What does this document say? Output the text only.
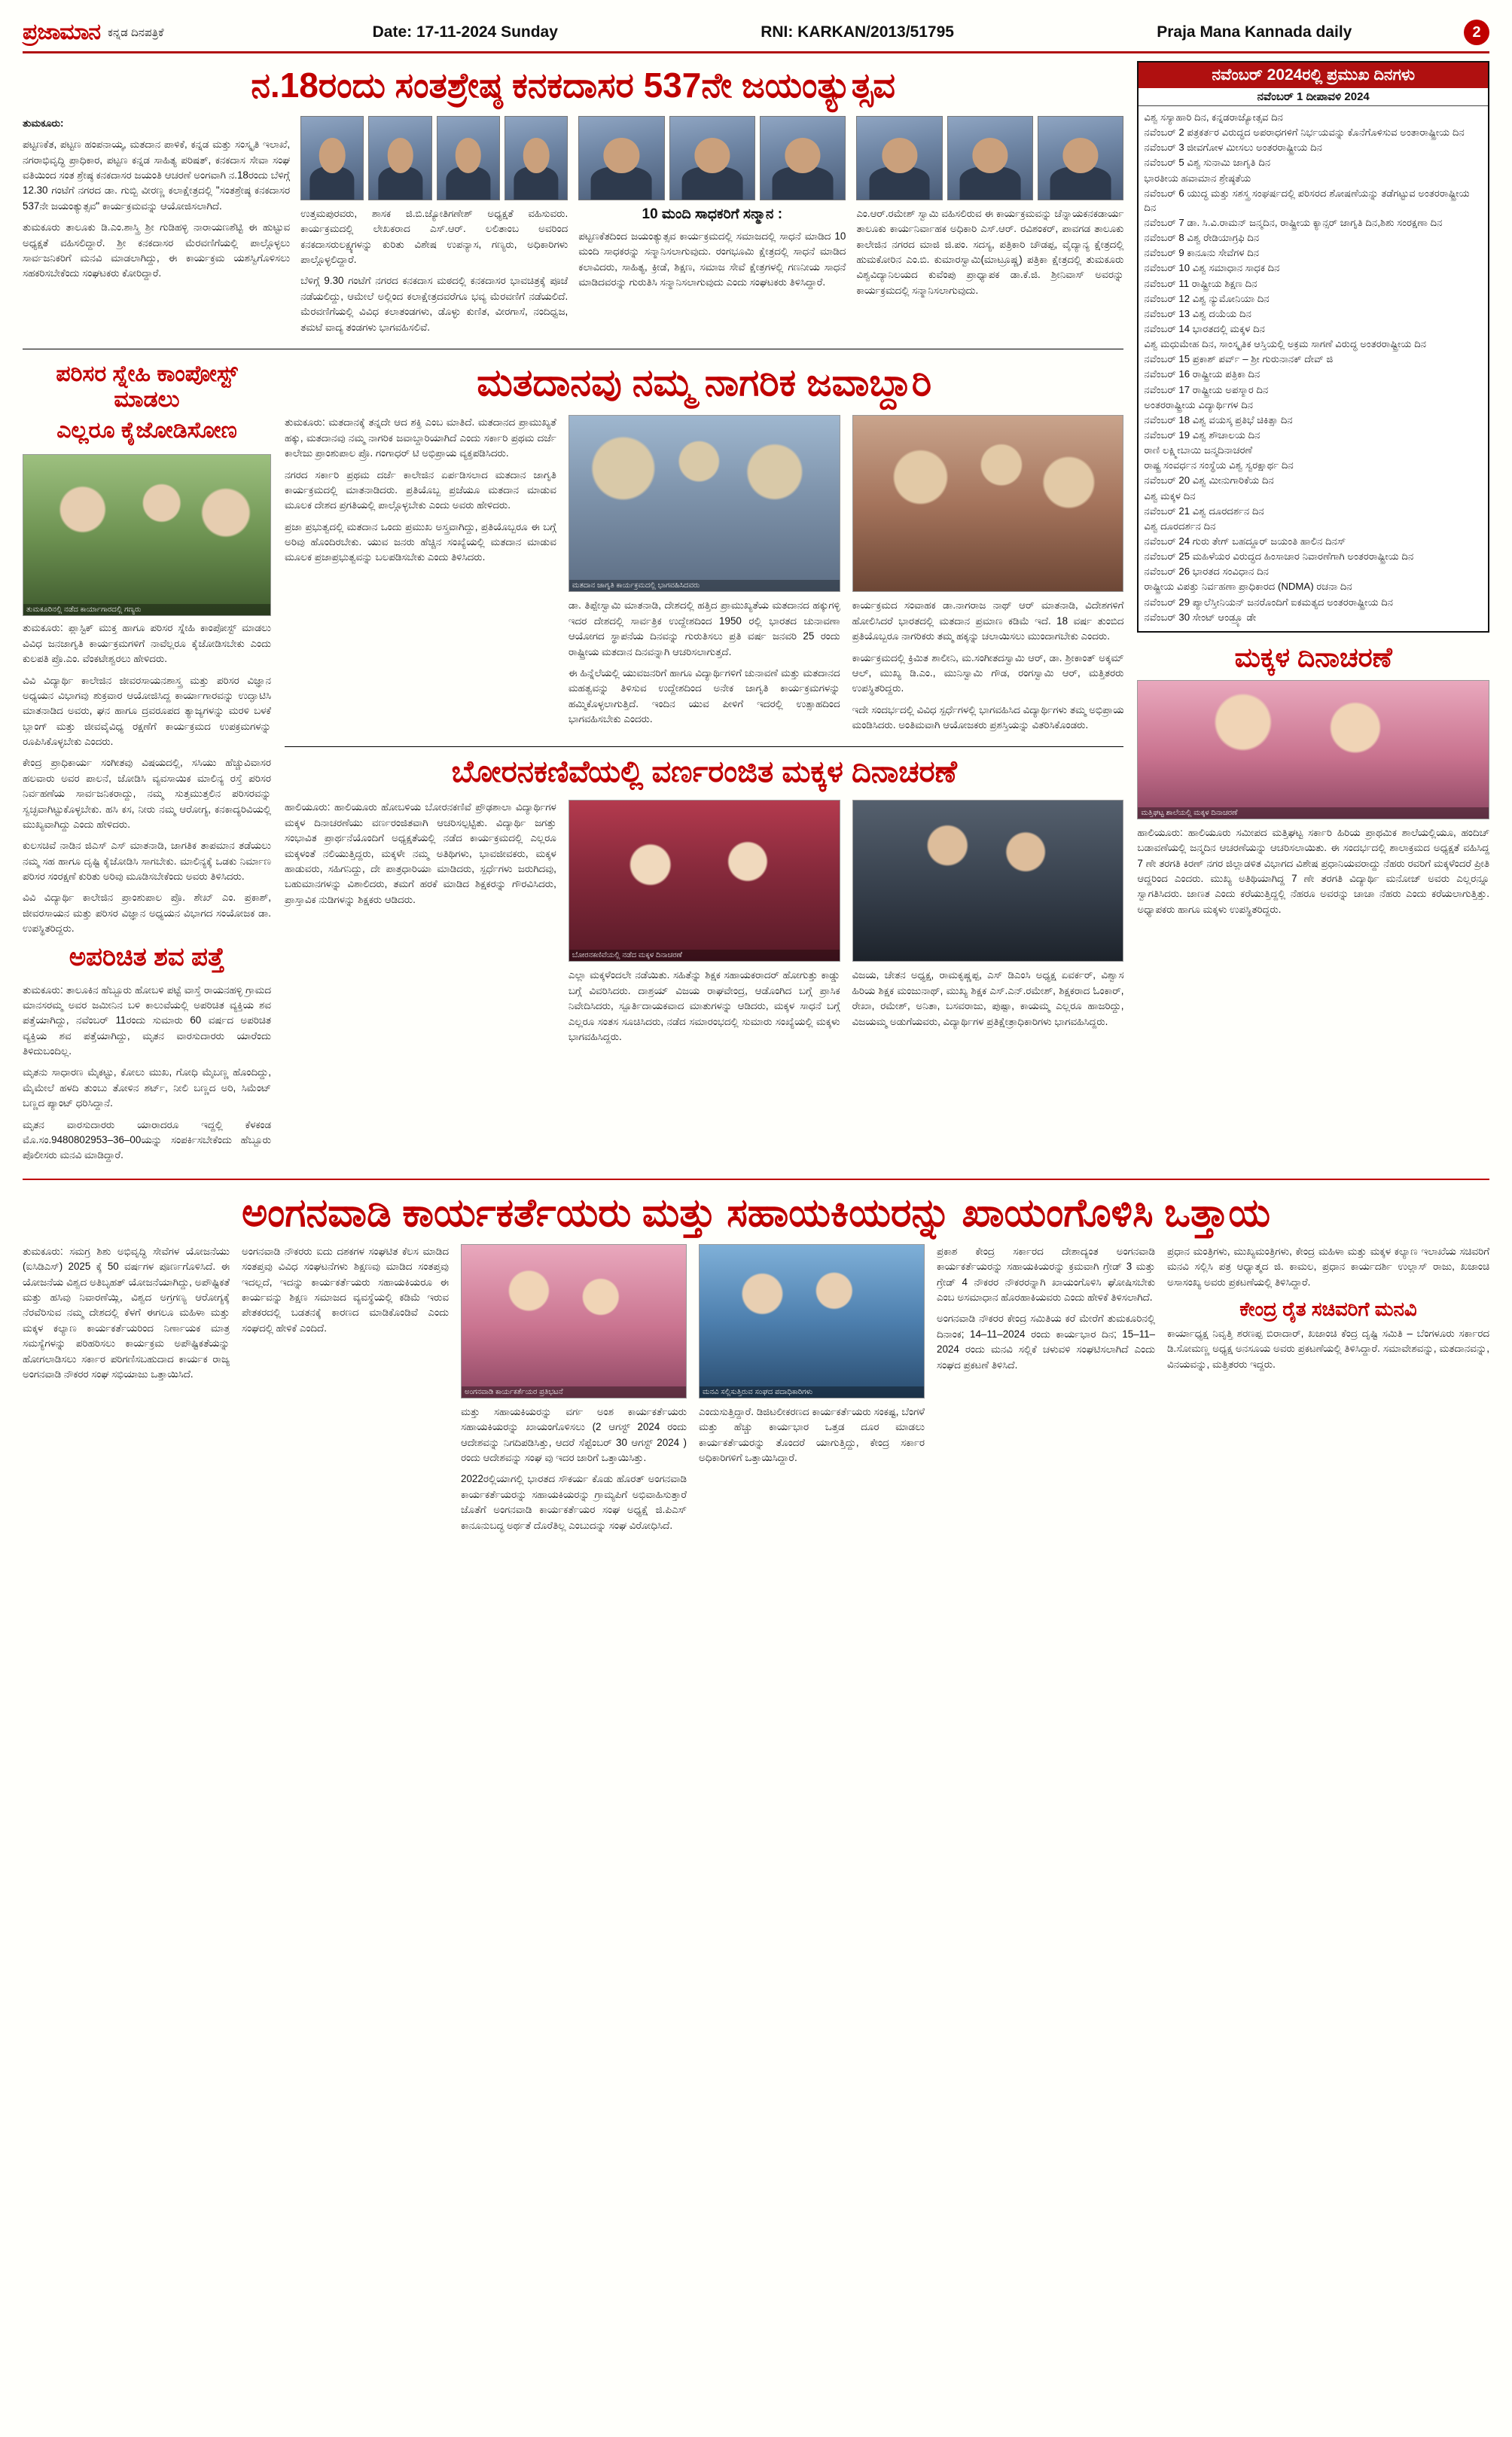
ಪ್ರಜಾಮಾನ ಕನ್ನಡ ದಿನಪತ್ರಿಕೆ	Date: 17-11-2024 Sunday	RNI: KARKAN/2013/51795	Praja Mana Kannada daily	2
ನ.18ರಂದು ಸಂತಶ್ರೇಷ್ಠ ಕನಕದಾಸರ 537ನೇ ಜಯಂತ್ಯುತ್ಸವ

ತುಮಕೂರು:

ಪಟ್ಟಣಕೆತ, ಪಟ್ಟಣ ಹಂಪನಾಯ್ಕ, ಮತದಾನ ಪಾಳಿಕೆ, ಕನ್ನಡ ಮತ್ತು ಸಂಸ್ಕೃತಿ ಇಲಾಖೆ, ನಗರಾಭಿವೃದ್ಧಿ ಪ್ರಾಧಿಕಾರ, ಪಟ್ಟಣ ಕನ್ನಡ ಸಾಹಿತ್ಯ ಪರಿಷತ್, ಕನಕದಾಸ ಸೇವಾ ಸಂಘ ವತಿಯಿಂದ ಸಂತ ಶ್ರೇಷ್ಠ ಕನಕದಾಸರ ಜಯಂತಿ ಆಚರಣೆ ಅಂಗವಾಗಿ ನ.18ರಂದು ಬೆಳಿಗ್ಗೆ 12.30 ಗಂಟೆಗೆ ನಗರದ ಡಾ. ಗುಬ್ಬಿ ವೀರಣ್ಣ ಕಲಾಕ್ಷೇತ್ರದಲ್ಲಿ "ಸಂತಶ್ರೇಷ್ಠ ಕನಕದಾಸರ 537ನೇ ಜಯಂತ್ಯುತ್ಸವ" ಕಾರ್ಯಕ್ರಮವನ್ನು ಆಯೋಜಿಸಲಾಗಿದೆ.

ತುಮಕೂರು ತಾಲೂಕು ಡಿ.ಎಂ.ಶಾಸ್ತ್ರಿ ಶ್ರೀ ಗುಡಿಹಳ್ಳಿ ನಾರಾಯಣಶೆಟ್ಟಿ ಈ ಹುಟ್ಟುವ ಅಧ್ಯಕ್ಷತೆ ವಹಿಸಲಿದ್ದಾರೆ. ಶ್ರೀ ಕನಕದಾಸರ ಮೆರವಣಿಗೆಯಲ್ಲಿ ಪಾಲ್ಗೊಳ್ಳಲು ಸಾರ್ವಜನಿಕರಿಗೆ ಮನವಿ ಮಾಡಲಾಗಿದ್ದು, ಈ ಕಾರ್ಯಕ್ರಮ ಯಶಸ್ವಿಗೊಳಿಸಲು ಸಹಕರಿಸಬೇಕೆಂದು ಸಂಘಟಕರು ಕೋರಿದ್ದಾರೆ.

ಉತ್ತಮಪುರವರು, ಶಾಸಕ ಜಿ.ಬಿ.ಜ್ಯೋತಿಗಣೇಶ್ ಅಧ್ಯಕ್ಷತೆ ವಹಿಸುವರು. ಕಾರ್ಯಕ್ರಮದಲ್ಲಿ ಲೇಖಕರಾದ ಎಸ್.ಆರ್. ಲಲಿತಾಂಬ ಅವರಿಂದ ಕನಕದಾಸರುಲಕ್ಷ್ಯಗಳನ್ನು ಕುರಿತು ವಿಶೇಷ ಉಪನ್ಯಾಸ, ಗಣ್ಯರು, ಅಧಿಕಾರಿಗಳು ಪಾಲ್ಗೊಳ್ಳಲಿದ್ದಾರೆ.

ಬೆಳಿಗ್ಗೆ 9.30 ಗಂಟೆಗೆ ನಗರದ ಕನಕದಾಸ ಮಠದಲ್ಲಿ ಕನಕದಾಸರ ಭಾವಚಿತ್ರಕ್ಕೆ ಪೂಜೆ ನಡೆಯಲಿದ್ದು, ಆಮೇಲೆ ಅಲ್ಲಿಂದ ಕಲಾಕ್ಷೇತ್ರದವರೆಗೂ ಭವ್ಯ ಮೆರವಣಿಗೆ ನಡೆಯಲಿದೆ. ಮೆರವಣಿಗೆಯಲ್ಲಿ ವಿವಿಧ ಕಲಾತಂಡಗಳು, ಡೊಳ್ಳು ಕುಣಿತ, ವೀರಗಾಸೆ, ನಂದಿಧ್ವಜ, ತಮಟೆ ವಾದ್ಯ ತಂಡಗಳು ಭಾಗವಹಿಸಲಿವೆ.

10 ಮಂದಿ ಸಾಧಕರಿಗೆ ಸನ್ಮಾನ :

ಪಟ್ಟಣಕೆತದಿಂದ ಜಯಂತ್ಯುತ್ಸವ ಕಾರ್ಯಕ್ರಮದಲ್ಲಿ ಸಮಾಜದಲ್ಲಿ ಸಾಧನೆ ಮಾಡಿದ 10 ಮಂದಿ ಸಾಧಕರನ್ನು ಸನ್ಮಾನಿಸಲಾಗುವುದು. ರಂಗಭೂಮಿ ಕ್ಷೇತ್ರದಲ್ಲಿ ಸಾಧನೆ ಮಾಡಿದ ಕಲಾವಿದರು, ಸಾಹಿತ್ಯ, ಕ್ರೀಡೆ, ಶಿಕ್ಷಣ, ಸಮಾಜ ಸೇವೆ ಕ್ಷೇತ್ರಗಳಲ್ಲಿ ಗಣನೀಯ ಸಾಧನೆ ಮಾಡಿದವರನ್ನು ಗುರುತಿಸಿ ಸನ್ಮಾನಿಸಲಾಗುವುದು ಎಂದು ಸಂಘಟಕರು ತಿಳಿಸಿದ್ದಾರೆ.

ಎಂ.ಆರ್.ರಮೇಶ್ ಸ್ವಾಮಿ ವಹಿಸಲಿರುವ ಈ ಕಾರ್ಯಕ್ರಮವನ್ನು ಚೆನ್ನಾಯಕನಕಡಾರ್ಯ ತಾಲೂಕು ಕಾರ್ಯನಿರ್ವಾಹಕ ಅಧಿಕಾರಿ ಎಸ್.ಆರ್. ರವಿಶಂಕರ್, ಪಾವಗಡ ತಾಲೂಕು ಕಾಲೇಜಿನ ನಗರದ ಮಾಜಿ ಜಿ.ಪಂ. ಸದಸ್ಯ, ಪತ್ರಿಕಾರಿ ಚೌಡಪ್ಪ, ವೈದ್ಯಾನ್ಯ ಕ್ಷೇತ್ರದಲ್ಲಿ ಹುಮಕೋರಿನ ಎಂ.ಬಿ. ಕುಮಾರಸ್ವಾಮಿ(ಮಾಟ್ರೂಷ್ಣ) ಪತ್ರಿಕಾ ಕ್ಷೇತ್ರದಲ್ಲಿ ತುಮಕೂರು ವಿಶ್ವವಿದ್ಯಾನಿಲಯದ ಕುವೆಂಪು ಪ್ರಾಧ್ಯಾಪಕ ಡಾ.ಕೆ.ಜಿ. ಶ್ರೀನಿವಾಸ್ ಅವರನ್ನು ಕಾರ್ಯಕ್ರಮದಲ್ಲಿ ಸನ್ಮಾನಿಸಲಾಗುವುದು.

ಪರಿಸರ ಸ್ನೇಹಿ ಕಾಂಪೋಸ್ಟ್ ಮಾಡಲು
ಎಲ್ಲರೂ ಕೈಜೋಡಿಸೋಣ
ತುಮಕೂರಿನಲ್ಲಿ ನಡೆದ ಕಾರ್ಯಾಗಾರದಲ್ಲಿ ಗಣ್ಯರು

ತುಮಕೂರು: ಪ್ಲಾಸ್ಟಿಕ್ ಮುಕ್ತ ಹಾಗೂ ಪರಿಸರ ಸ್ನೇಹಿ ಕಾಂಪೋಸ್ಟ್ ಮಾಡಲು ವಿವಿಧ ಜನಜಾಗೃತಿ ಕಾರ್ಯಕ್ರಮಗಳಿಗೆ ನಾವೆಲ್ಲರೂ ಕೈಜೋಡಿಸಬೇಕು ಎಂದು ಕುಲಪತಿ ಪ್ರೊ.ಎಂ. ವೆಂಕಟೇಶ್ವರಲು ಹೇಳಿದರು.

ವಿವಿ ವಿದ್ಯಾರ್ಥಿ ಕಾಲೇಜಿನ ಜೀವರಸಾಯನಶಾಸ್ತ್ರ ಮತ್ತು ಪರಿಸರ ವಿಜ್ಞಾನ ಅಧ್ಯಯನ ವಿಭಾಗವು ಶುಕ್ರವಾರ ಆಯೋಜಿಸಿದ್ದ ಕಾರ್ಯಾಗಾರವನ್ನು ಉದ್ಘಾಟಿಸಿ ಮಾತನಾಡಿದ ಅವರು, ಘನ ಹಾಗೂ ದ್ರವರೂಪದ ತ್ಯಾಜ್ಯಗಳನ್ನು ಮರಳಿ ಬಳಕೆ ಬ್ಲಾಂಗ್ ಮತ್ತು ಜೀವವೈವಿಧ್ಯ ರಕ್ಷಣೆಗೆ ಕಾರ್ಯಕ್ರಮದ ಉಪಕ್ರಮಗಳನ್ನು ರೂಪಿಸಿಕೊಳ್ಳಬೇಕು ಎಂದರು.

ಕೇಂದ್ರ ಪ್ರಾಧಿಕಾರ್ಯ ಸಂಗೀತವು ವಿಷಯದಲ್ಲಿ, ಸಸಿಯು ಹೆಚ್ಚುವಿವಾಸರ ಹಲವಾರು ಅವರ ಪಾಲನೆ, ಜೋಡಿಸಿ ವ್ಯವಸಾಯಿಕ ಮಾಲಿನ್ಯ ರಸ್ತೆ ಪರಿಸರ ನಿರ್ವಹಣೆಯ ಸಾರ್ವಜನಿಕರಾದ್ದು, ನಮ್ಮ ಸುತ್ತಮುತ್ತಲಿನ ಪರಿಸರವನ್ನು ಸ್ವಚ್ಛವಾಗಿಟ್ಟುಕೊಳ್ಳಬೇಕು. ಹಸಿ ಕಸ, ನೀರು ನಮ್ಮ ಆರೋಗ್ಯ, ಕನಕಾದ್ಯರಿವಿಯಲ್ಲಿ ಮುಖ್ಯವಾಗಿದ್ದು ಎಂದು ಹೇಳಿದರು.

ಕುಲಸಚಿವೆ ನಾಡಿನ ಜಿಎಸ್ ಎಸ್ ಮಾತನಾಡಿ, ಜಾಗತಿಕ ತಾಪಮಾನ ತಡೆಯಲು ನಮ್ಮ ಸಹ ಹಾಗೂ ದೃಷ್ಟಿ ಕೈಜೋಡಿಸಿ ಸಾಗಬೇಕು. ಮಾಲಿನ್ಯಕ್ಕೆ ಒಡಕು ನಿರ್ಮಾಣ ಪರಿಸರ ಸಂರಕ್ಷಣೆ ಕುರಿತು ಅರಿವು ಮೂಡಿಸಬೇಕೆಂದು ಅವರು ತಿಳಿಸಿದರು.

ವಿವಿ ವಿದ್ಯಾರ್ಥಿ ಕಾಲೇಜಿನ ಪ್ರಾಂಶುಪಾಲ ಪ್ರೊ. ಶೇಖ್ ಎಂ. ಪ್ರಕಾಶ್, ಜೀವರಸಾಯನ ಮತ್ತು ಪರಿಸರ ವಿಜ್ಞಾನ ಅಧ್ಯಯನ ವಿಭಾಗದ ಸಂಯೋಜಕ ಡಾ. ಉಪಸ್ಥಿತರಿದ್ದರು.

ಅಪರಿಚಿತ ಶವ ಪತ್ತೆ

ತುಮಕೂರು: ತಾಲೂಕಿನ ಹೆಬ್ಬೂರು ಹೋಬಳಿ ಪಟ್ಟೆ ವಾಸ್ತೆ ರಾಯನಹಳ್ಳಿ ಗ್ರಾಮದ ಮಾನಸರಮ್ಮ ಅವರ ಜಮೀನಿನ ಬಳಿ ಕಾಲುವೆಯಲ್ಲಿ ಅಪರಿಚಿತ ವ್ಯಕ್ತಿಯ ಶವ ಪತ್ತೆಯಾಗಿದ್ದು, ನವೆಂಬರ್ 11ರಂದು ಸುಮಾರು 60 ವರ್ಷದ ಅಪರಿಚಿತ ವ್ಯಕ್ತಿಯ ಶವ ಪತ್ತೆಯಾಗಿದ್ದು, ಮೃತನ ವಾರಸುದಾರರು ಯಾರೆಂದು ತಿಳಿದುಬಂದಿಲ್ಲ.

ಮೃತನು ಸಾಧಾರಣ ಮೈಕಟ್ಟು, ಕೋಲು ಮುಖ, ಗೋಧಿ ಮೈಬಣ್ಣ ಹೊಂದಿದ್ದು, ಮೈಮೇಲೆ ಹಳದಿ ತುಂಬು ತೋಳಿನ ಶರ್ಟ್, ನೀಲಿ ಬಣ್ಣದ ಅರಿ, ಸಿಮೆಂಟ್ ಬಣ್ಣದ ಪ್ಯಾಂಟ್ ಧರಿಸಿದ್ದಾನೆ.

ಮೃತನ ವಾರಸುದಾರರು ಯಾರಾದರೂ ಇದ್ದಲ್ಲಿ ಕೆಳಕಂಡ ಮೊ.ಸಂ.9480802953–36–00ಯನ್ನು ಸಂಪರ್ಕಿಸಬೇಕೆಂದು ಹೆಬ್ಬೂರು ಪೊಲೀಸರು ಮನವಿ ಮಾಡಿದ್ದಾರೆ.

ಮತದಾನವು ನಮ್ಮ ನಾಗರಿಕ ಜವಾಬ್ದಾರಿ

ತುಮಕೂರು: ಮತದಾನಕ್ಕೆ ತನ್ನದೇ ಆದ ಶಕ್ತಿ ಎಂಬ ಮಾತಿದೆ. ಮತದಾನದ ಪ್ರಾಮುಖ್ಯತೆ ಹಕ್ಕು, ಮತದಾನವು ನಮ್ಮ ನಾಗರಿಕ ಜವಾಬ್ದಾರಿಯಾಗಿದೆ ಎಂದು ಸರ್ಕಾರಿ ಪ್ರಥಮ ದರ್ಜೆ ಕಾಲೇಜು ಪ್ರಾಂಶುಪಾಲ ಪ್ರೊ. ಗಂಗಾಧರ್ ಟಿ ಅಭಿಪ್ರಾಯ ವ್ಯಕ್ತಪಡಿಸಿದರು.

ನಗರದ ಸರ್ಕಾರಿ ಪ್ರಥಮ ದರ್ಜೆ ಕಾಲೇಜಿನ ಏರ್ಪಡಿಸಲಾದ ಮತದಾನ ಜಾಗೃತಿ ಕಾರ್ಯಕ್ರಮದಲ್ಲಿ ಮಾತನಾಡಿದರು. ಪ್ರತಿಯೊಬ್ಬ ಪ್ರಜೆಯೂ ಮತದಾನ ಮಾಡುವ ಮೂಲಕ ದೇಶದ ಪ್ರಗತಿಯಲ್ಲಿ ಪಾಲ್ಗೊಳ್ಳಬೇಕು ಎಂದು ಅವರು ಹೇಳಿದರು.

ಪ್ರಜಾ ಪ್ರಭುತ್ವದಲ್ಲಿ ಮತದಾನ ಒಂದು ಪ್ರಮುಖ ಅಸ್ತ್ರವಾಗಿದ್ದು, ಪ್ರತಿಯೊಬ್ಬರೂ ಈ ಬಗ್ಗೆ ಅರಿವು ಹೊಂದಿರಬೇಕು. ಯುವ ಜನರು ಹೆಚ್ಚಿನ ಸಂಖ್ಯೆಯಲ್ಲಿ ಮತದಾನ ಮಾಡುವ ಮೂಲಕ ಪ್ರಜಾಪ್ರಭುತ್ವವನ್ನು ಬಲಪಡಿಸಬೇಕು ಎಂದು ತಿಳಿಸಿದರು.

ಮತದಾನ ಜಾಗೃತಿ ಕಾರ್ಯಕ್ರಮದಲ್ಲಿ ಭಾಗವಹಿಸಿದವರು

ಡಾ. ತಿಪ್ಪೇಸ್ವಾಮಿ ಮಾತನಾಡಿ, ದೇಶದಲ್ಲಿ ಹತ್ತಿದ ಪ್ರಾಮುಖ್ಯತೆಯ ಮತದಾನದ ಹಕ್ಕುಗಳ್ಳಿ ಇದರ ದೇಶದಲ್ಲಿ ಸಾರ್ವತ್ರಿಕ ಉದ್ದೇಶದಿಂದ 1950 ರಲ್ಲಿ ಭಾರತದ ಚುನಾವಣಾ ಆಯೋಗದ ಸ್ಥಾಪನೆಯ ದಿನವನ್ನು ಗುರುತಿಸಲು ಪ್ರತಿ ವರ್ಷ ಜನವರಿ 25 ರಂದು ರಾಷ್ಟ್ರೀಯ ಮತದಾನ ದಿನವನ್ನಾಗಿ ಆಚರಿಸಲಾಗುತ್ತದೆ.

ಈ ಹಿನ್ನೆಲೆಯಲ್ಲಿ ಯುವಜನರಿಗೆ ಹಾಗೂ ವಿದ್ಯಾರ್ಥಿಗಳಿಗೆ ಚುನಾವಣೆ ಮತ್ತು ಮತದಾನದ ಮಹತ್ವವನ್ನು ತಿಳಿಸುವ ಉದ್ದೇಶದಿಂದ ಅನೇಕ ಜಾಗೃತಿ ಕಾರ್ಯಕ್ರಮಗಳನ್ನು ಹಮ್ಮಿಕೊಳ್ಳಲಾಗುತ್ತಿದೆ. ಇಂದಿನ ಯುವ ಪೀಳಿಗೆ ಇದರಲ್ಲಿ ಉತ್ಸಾಹದಿಂದ ಭಾಗವಹಿಸಬೇಕು ಎಂದರು.

ಕಾರ್ಯಕ್ರಮದ ಸಂವಾಹಕ ಡಾ.ನಾಗರಾಜ ನಾಥ್ ಆರ್ ಮಾತನಾಡಿ, ವಿದೇಶಗಳಿಗೆ ಹೋಲಿಸಿದರೆ ಭಾರತದಲ್ಲಿ ಮತದಾನ ಪ್ರಮಾಣ ಕಡಿಮೆ ಇದೆ. 18 ವರ್ಷ ತುಂಬಿದ ಪ್ರತಿಯೊಬ್ಬರೂ ನಾಗರಿಕರು ತಮ್ಮ ಹಕ್ಕನ್ನು ಚಲಾಯಿಸಲು ಮುಂದಾಗಬೇಕು ಎಂದರು.

ಕಾರ್ಯಕ್ರಮದಲ್ಲಿ ಕ್ರಿಮಿತ ಶಾಲೀನಿ, ಮ.ಸಂಗೀತದಸ್ವಾಮಿ ಆರ್, ಡಾ. ಶ್ರೀಕಾಂತ್ ಅಕ್ಕಮ್ ಆಲ್, ಮುಖ್ಯ ಡಿ.ಎಂ., ಮುನಿಸ್ವಾಮಿ ಗೌಡ, ರಂಗಸ್ವಾಮಿ ಆರ್, ಮತ್ತಿತರರು ಉಪಸ್ಥಿತರಿದ್ದರು.

ಇದೇ ಸಂದರ್ಭದಲ್ಲಿ ವಿವಿಧ ಸ್ಪರ್ಧೆಗಳಲ್ಲಿ ಭಾಗವಹಿಸಿದ ವಿದ್ಯಾರ್ಥಿಗಳು ತಮ್ಮ ಅಭಿಪ್ರಾಯ ಮಂಡಿಸಿದರು. ಅಂತಿಮವಾಗಿ ಆಯೋಜಕರು ಪ್ರಶಸ್ತಿಯನ್ನು ವಿತರಿಸಿಕೊಂಡರು.

ಬೋರನಕಣಿವೆಯಲ್ಲಿ ವರ್ಣರಂಜಿತ ಮಕ್ಕಳ ದಿನಾಚರಣೆ

ಹಾಲಿಯೂರು: ಹಾಲಿಯೂರು ಹೋಬಳಿಯ ಬೋರನಕಣಿವೆ ಪ್ರೌಢಶಾಲಾ ವಿದ್ಯಾರ್ಥಿಗಳ ಮಕ್ಕಳ ದಿನಾಚರಣೆಯು ವರ್ಣರಂಜಿತವಾಗಿ ಆಚರಿಸಲ್ಪಟ್ಟಿತು. ವಿದ್ಯಾರ್ಥಿ ಜಗತ್ತು ಸಂಭಾವಿತ ಪ್ರಾರ್ಥನೆಯೊಂದಿಗೆ ಅಧ್ಯಕ್ಷತೆಯಲ್ಲಿ ನಡೆದ ಕಾರ್ಯಕ್ರಮದಲ್ಲಿ ಎಲ್ಲರೂ ಮಕ್ಕಳಂತೆ ನಲಿಯುತ್ತಿದ್ದರು, ಮಕ್ಕಳೇ ನಮ್ಮ ಅತಿಥಿಗಳು, ಭಾವಜೀವಕರು, ಮಕ್ಕಳ ಹಾಡುವರು, ಸಹಿಗನಿದ್ದು, ದೇ ಪಾತ್ರಧಾರಿಯಾ ಮಾಡಿದರು, ಸ್ಪರ್ಧೆಗಳು ಜರುಗಿದವು, ಬಹುಮಾನಗಳನ್ನು ವಿಶಾಲಿದರು, ತಮಗೆ ಹರಕೆ ಮಾಡಿದ ಶಿಕ್ಷಕರನ್ನು ಗೌರವಿಸಿದರು, ಪ್ರಾಸ್ತಾವಿಕ ನುಡಿಗಳನ್ನು ಶಿಕ್ಷಕರು ಆಡಿದರು.

ಬೋರನಕಣಿವೆಯಲ್ಲಿ ನಡೆದ ಮಕ್ಕಳ ದಿನಾಚರಣೆ

ಎಲ್ಲಾ ಮಕ್ಕಳೆಂದಲೇ ನಡೆಯಿತು. ಸಹಿತೆನ್ನು ಶಿಕ್ಷಕ ಸಹಾಯಕರಾದರ್ ಹೋಗುತ್ತು ಕಾಡ್ಡು ಬಗ್ಗೆ ವಿವರಿಸಿದರು. ದಾಶ್ರಯ್ ವಿಜಯ ರಾಘವೇಂದ್ರ, ಆಡೊಂಗಿದ ಬಗ್ಗೆ ಪ್ರಾಸಿಕ ನಿವೇದಿಸಿದರು, ಸ್ಪೂರ್ತಿದಾಯಕವಾದ ಮಾತುಗಳನ್ನು ಆಡಿದರು, ಮಕ್ಕಳ ಸಾಧನೆ ಬಗ್ಗೆ ಎಲ್ಲರೂ ಸಂತಸ ಸೂಚಿಸಿದರು, ನಡೆದ ಸಮಾರಂಭದಲ್ಲಿ ಸುಮಾರು ಸಂಖ್ಯೆಯಲ್ಲಿ ಮಕ್ಕಳು ಭಾಗವಹಿಸಿದ್ದರು.

ವಿಜಯ, ಚೇತನ ಅಧ್ಯಕ್ಷ, ರಾಮಕೃಷ್ಣಪ್ಪ, ಎಸ್ ಡಿಎಂಸಿ ಅಧ್ಯಕ್ಷ ಏವರ್ಕರ್, ವಿಶ್ವಾಸ ಹಿರಿಯ ಶಿಕ್ಷಕ ಮಂಜುನಾಥ್, ಮುಖ್ಯ ಶಿಕ್ಷಕ ಎಸ್.ಎನ್.ರಮೇಶ್, ಶಿಕ್ಷಕರಾದ ಓಂಕಾರ್, ರೇಖಾ, ರಮೇಶ್, ಅನಿತಾ, ಬಸವರಾಜು, ಪುಷ್ಪಾ, ಕಾಯಮ್ಮ ಎಲ್ಲರೂ ಹಾಜರಿದ್ದು, ವಿಜಯಮ್ಮ ಅಡುಗೆಯವರು, ವಿದ್ಯಾರ್ಥಿಗಳ ಪ್ರತಿಕ್ಷೇತ್ರಾಧಿಕಾರಿಗಳು ಭಾಗವಹಿಸಿದ್ದರು.

ನವೆಂಬರ್ 2024ರಲ್ಲಿ ಪ್ರಮುಖ ದಿನಗಳು
ನವೆಂಬರ್ 1 ದೀಪಾವಳಿ 2024
ವಿಶ್ವ ಸಸ್ಯಾಹಾರಿ ದಿನ, ಕನ್ನಡರಾಜ್ಯೋತ್ಸವ ದಿನ
ನವೆಂಬರ್ 2 ಪತ್ರಕರ್ತರ ವಿರುದ್ಧದ ಅಪರಾಧಗಳಿಗೆ ನಿರ್ಭಯವನ್ನು ಕೊನೆಗೊಳಿಸುವ ಅಂತಾರಾಷ್ಟ್ರೀಯ ದಿನ
ನವೆಂಬರ್ 3 ಜೀವಗೋಳ ಮೀಸಲು ಅಂತರರಾಷ್ಟ್ರೀಯ ದಿನ
ನವೆಂಬರ್ 5 ವಿಶ್ವ ಸುನಾಮಿ ಜಾಗೃತಿ ದಿನ
ಭಾರತೀಯ ಹವಾಮಾನ ಶ್ರೇಷ್ಠತೆಯ
ನವೆಂಬರ್ 6 ಯುದ್ಧ ಮತ್ತು ಸಶಸ್ತ್ರ ಸಂಘರ್ಷದಲ್ಲಿ ಪರಿಸರದ ಶೋಷಣೆಯನ್ನು ತಡೆಗಟ್ಟುವ ಅಂತರರಾಷ್ಟ್ರೀಯ ದಿನ
ನವೆಂಬರ್ 7 ಡಾ. ಸಿ.ವಿ.ರಾಮನ್ ಜನ್ಮದಿನ, ರಾಷ್ಟ್ರೀಯ ಕ್ಯಾನ್ಸರ್ ಜಾಗೃತಿ ದಿನ,ಶಿಶು ಸಂರಕ್ಷಣಾ ದಿನ
ನವೆಂಬರ್ 8 ವಿಶ್ವ ರೇಡಿಯಾಗ್ರಫಿ ದಿನ
ನವೆಂಬರ್ 9 ಕಾನೂನು ಸೇವೆಗಳ ದಿನ
ನವೆಂಬರ್ 10 ವಿಶ್ವ ಸಮಾಧಾನ ಸಾಧಕ ದಿನ
ನವೆಂಬರ್ 11 ರಾಷ್ಟ್ರೀಯ ಶಿಕ್ಷಣ ದಿನ
ನವೆಂಬರ್ 12 ವಿಶ್ವ ನ್ಯುಮೋನಿಯಾ ದಿನ
ನವೆಂಬರ್ 13 ವಿಶ್ವ ದಯೆಯ ದಿನ
ನವೆಂಬರ್ 14 ಭಾರತದಲ್ಲಿ ಮಕ್ಕಳ ದಿನ
ವಿಶ್ವ ಮಧುಮೇಹ ದಿನ, ಸಾಂಸ್ಕೃತಿಕ ಆಸ್ತಿಯಲ್ಲಿ ಅಕ್ರಮ ಸಾಗಣೆ ವಿರುದ್ಧ ಅಂತರರಾಷ್ಟ್ರೀಯ ದಿನ
ನವೆಂಬರ್ 15 ಪ್ರಕಾಶ್ ಪರ್ವ್ – ಶ್ರೀ ಗುರುನಾನಕ್ ದೇವ್ ಜಿ
ನವೆಂಬರ್ 16 ರಾಷ್ಟ್ರೀಯ ಪತ್ರಿಕಾ ದಿನ
ನವೆಂಬರ್ 17 ರಾಷ್ಟ್ರೀಯ ಅಪಸ್ಮಾರ ದಿನ
ಅಂತರರಾಷ್ಟ್ರೀಯ ವಿದ್ಯಾರ್ಥಿಗಳ ದಿನ
ನವೆಂಬರ್ 18 ವಿಶ್ವ ವಯಸ್ಕ ಪ್ರತಿಭೆ ಚಿಕಿತ್ಸಾ ದಿನ
ನವೆಂಬರ್ 19 ವಿಶ್ವ ಶೌಚಾಲಯ ದಿನ
ರಾಣಿ ಲಕ್ಷ್ಮೀಬಾಯಿ ಜನ್ಮದಿನಾಚರಣೆ
ರಾಷ್ಟ್ರ ಸಂವರ್ಧನ ಸಂಸ್ಥೆಯ ವಿಶ್ವ ಸ್ವರಕ್ಷಾರ್ಥ ದಿನ
ನವೆಂಬರ್ 20 ವಿಶ್ವ ಮೀನುಗಾರಿಕೆಯ ದಿನ
ವಿಶ್ವ ಮಕ್ಕಳ ದಿನ
ನವೆಂಬರ್ 21 ವಿಶ್ವ ದೂರದರ್ಶನ ದಿನ
ವಿಶ್ವ ದೂರದರ್ಶನ ದಿನ
ನವೆಂಬರ್ 24 ಗುರು ತೇಗ್ ಬಹದ್ದೂರ್ ಜಯಂತಿ ಹಾಲಿನ ದಿನಸ್
ನವೆಂಬರ್ 25 ಮಹಿಳೆಯರ ವಿರುದ್ಧದ ಹಿಂಸಾಚಾರ ನಿವಾರಣೆಗಾಗಿ ಅಂತರರಾಷ್ಟ್ರೀಯ ದಿನ
ನವೆಂಬರ್ 26 ಭಾರತದ ಸಂವಿಧಾನ ದಿನ
ರಾಷ್ಟ್ರೀಯ ವಿಪತ್ತು ನಿರ್ವಹಣಾ ಪ್ರಾಧಿಕಾರದ (NDMA) ರಚನಾ ದಿನ
ನವೆಂಬರ್ 29 ಪ್ಯಾಲೆಸ್ತೀನಿಯನ್ ಜನರೊಂದಿಗೆ ಐಕಮತ್ಯದ ಅಂತರರಾಷ್ಟ್ರೀಯ ದಿನ
ನವೆಂಬರ್ 30 ಸೇಂಟ್ ಆಂಡ್ರ್ಯೂ ಡೇ
ಮಕ್ಕಳ ದಿನಾಚರಣೆ
ಮತ್ತಿಘಟ್ಟ ಶಾಲೆಯಲ್ಲಿ ಮಕ್ಕಳ ದಿನಾಚರಣೆ

ಹಾಲಿಯೂರು: ಹಾಲಿಯೂರು ಸಮೀಪದ ಮತ್ತಿಘಟ್ಟ ಸರ್ಕಾರಿ ಹಿರಿಯ ಪ್ರಾಥಮಿಕ ಶಾಲೆಯಲ್ಲಿಯೂ, ಹಂದಿಚ್ ಬಡಾವಣೆಯಲ್ಲಿ ಜನ್ಮದಿನ ಆಚರಣೆಯನ್ನು ಆಚರಿಸಲಾಯಿತು. ಈ ಸಂದರ್ಭದಲ್ಲಿ ಶಾಲಾಕ್ರಮದ ಅಧ್ಯಕ್ಷತೆ ವಹಿಸಿದ್ದ 7 ಣೇ ತರಗತಿ ಕಿರಣ್ ನಗರ ಜಿಲ್ಲಾಡಳಿತ ವಿಭಾಗದ ವಿಶೇಷ ಪ್ರಧಾನಿಯವರಾದ್ದು ನೆಹರು ರವರಿಗೆ ಮಕ್ಕಳೆಂದರೆ ಪ್ರೀತಿ ಆದ್ದರಿಂದ ಎಂದರು. ಮುಖ್ಯ ಅತಿಥಿಯಾಗಿದ್ದ 7 ಣೇ ತರಗತಿ ವಿದ್ಯಾರ್ಥಿ ಮನೋಜ್ ಅವರು ಎಲ್ಲರನ್ನೂ ಸ್ವಾಗತಿಸಿದರು. ಜಾಣತ ಎಂದು ಕರೆಯುತ್ತಿದ್ದಲ್ಲಿ ನೆಹರೂ ಅವರನ್ನು ಚಾಚಾ ನೆಹರು ಎಂದು ಕರೆಯಲಾಗುತ್ತಿತ್ತು. ಅಧ್ಯಾಪಕರು ಹಾಗೂ ಮಕ್ಕಳು ಉಪಸ್ಥಿತರಿದ್ದರು.

ಅಂಗನವಾಡಿ ಕಾರ್ಯಕರ್ತೆಯರು ಮತ್ತು ಸಹಾಯಕಿಯರನ್ನು ಖಾಯಂಗೊಳಿಸಿ ಒತ್ತಾಯ

ತುಮಕೂರು: ಸಮಗ್ರ ಶಿಶು ಅಭಿವೃದ್ಧಿ ಸೇವೆಗಳ ಯೋಜನೆಯು (ಐಸಿಡಿಎಸ್) 2025 ಕ್ಕೆ 50 ವರ್ಷಗಳ ಪೂರ್ಣಗೊಳಿಸಿದೆ. ಈ ಯೋಜನೆಯ ವಿಶ್ವದ ಅತಿಬೃಹತ್ ಯೋಜನೆಯಾಗಿದ್ದು, ಅಪೌಷ್ಟಿಕತೆ ಮತ್ತು ಹಸಿವು ನಿವಾರಣೆಯ್ಲಿ, ವಿಶ್ವದ ಅಗ್ರಗಣ್ಯ ಆರೋಗ್ಯಕ್ಕೆ ನೆರವೆರಿಸುವ ನಮ್ಮ ದೇಶದಲ್ಲಿ ಕೆಳಗೆ ಈಗಲೂ ಮಹಿಳಾ ಮತ್ತು ಮಕ್ಕಳ ಕಲ್ಯಾಣ ಕಾರ್ಯಕರ್ತೆಯರಿಂದ ನಿರ್ಣಾಯಕ ಮಾತ್ರ ಸಮಸ್ಯೆಗಳನ್ನು ಪರಿಹರಿಸಲು ಕಾರ್ಯಕ್ರಮ ಅಪೌಷ್ಟಿಕತೆಯನ್ನು ಹೋಗಲಾಡಿಸಲು ಸರ್ಕಾರ ಪರಿಗಣಿಸಬಹುದಾದ ಕಾರ್ಯಕ ರಾಜ್ಯ ಅಂಗನವಾಡಿ ನೌಕರರ ಸಂಘ ಸಭಿಯಾಜು ಒತ್ತಾಯಿಸಿದೆ.

ಅಂಗನವಾಡಿ ನೌಕರರು ಐದು ದಶಕಗಳ ಸಂಘಟಿತ ಕೆಲಸ ಮಾಡಿದ ಸಂತಪ್ತವು ವಿವಿಧ ಸಂಘಟನೆಗಳು ಶಿಕ್ಷಣವು ಮಾಡಿದ ಸಂತಪ್ತವು ಇದಲ್ಲದೆ, ಇದನ್ನು ಕಾರ್ಯಕರ್ತೆಯರು ಸಹಾಯಕಿಯರೂ ಈ ಕಾರ್ಯವನ್ನು ಶಿಕ್ಷಣ ಸಮಾಜದ ವ್ಯವಸ್ಥೆಯಲ್ಲಿ ಕಡಿಮೆ ಇರುವ ಪೇತಕರದಲ್ಲಿ ಬಡತನಕ್ಕೆ ಕಾರಣದ ಮಾಡಿಕೊಂಡಿವೆ ಎಂದು ಸಂಘದಲ್ಲಿ ಹೇಳಿಕೆ ಎಂದಿದೆ.

ಅಂಗನವಾಡಿ ಕಾರ್ಯಕರ್ತೆಯರ ಪ್ರತಿಭಟನೆ

ಮತ್ತು ಸಹಾಯಕಿಯರನ್ನು ವರ್ಗ ಅಂಶ ಕಾರ್ಯಕರ್ತೆಯರು ಸಹಾಯಕಿಯರನ್ನು ಖಾಯಂಗೊಳಿಸಲು (2 ಆಗಸ್ಟ್ 2024 ರಂದು ಆದೇಶವನ್ನು ನಿಗದಿಪಡಿಸಿತ್ತು, ಆದರೆ ಸೆಪ್ಟೆಂಬರ್ 30 ಆಗಸ್ಟ್ 2024 ) ರಂದು ಆದೇಶವನ್ನು ಸಂಘ ವು ಇದರ ಜಾರಿಗೆ ಒತ್ತಾಯಿಸಿತ್ತು.

2022ರಲ್ಲಿಯಾಗಲ್ಲಿ ಭಾರತದ ಸೌಕರ್ಯ ಕೊಡು ಹೊರತ್ ಅಂಗನವಾಡಿ ಕಾರ್ಯಕರ್ತೆಯರನ್ನು ಸಹಾಯಕಿಯರನ್ನು ಗ್ರಾಮ್ಯಪಿಗೆ ಅಭಿವಾಹಿಸುತ್ತಾರೆ ಜೊತೆಗೆ ಅಂಗನವಾಡಿ ಕಾರ್ಯಕರ್ತೆಯರ ಸಂಘ ಅಧ್ಯಕ್ಷೆ ಜಿ.ಪಿಎಸ್ ಕಾನೂನುಬದ್ಧ ಅರ್ಥತೆ ದೊರೆತಿಲ್ಲ ಎಂಬುದನ್ನು ಸಂಘ ವಿರೋಧಿಸಿದೆ.

ಮನವಿ ಸಲ್ಲಿಸುತ್ತಿರುವ ಸಂಘದ ಪದಾಧಿಕಾರಿಗಳು

ಎಂದುಸುತ್ತಿದ್ದಾರೆ. ಡಿಜಿಟಲೀಕರಣದ ಕಾರ್ಯಕರ್ತೆಯರು ಸಂಕಷ್ಟ, ಬೆಂಗಳೆ ಮತ್ತು ಹೆಚ್ಚು ಕಾರ್ಯಭಾರ ಒತ್ತಡ ದೂರ ಮಾಡಲು ಕಾರ್ಯಕರ್ತೆಯರನ್ನು ತೊಂದರೆ ಯಾಗುತ್ತಿದ್ದು, ಕೇಂದ್ರ ಸರ್ಕಾರ ಅಧಿಕಾರಿಗಳಿಗೆ ಒತ್ತಾಯಿಸಿದ್ದಾರೆ.

ಪ್ರಕಾಶ ಕೇಂದ್ರ ಸರ್ಕಾರದ ದೇಶಾದ್ಯಂತ ಅಂಗನವಾಡಿ ಕಾರ್ಯಕರ್ತೆಯರನ್ನು ಸಹಾಯಕಿಯರನ್ನು ಕ್ರಮವಾಗಿ ಗ್ರೇಡ್ 3 ಮತ್ತು ಗ್ರೇಡ್ 4 ನೌಕರರ ನೌಕರರನ್ನಾಗಿ ಖಾಯಂಗೊಳಿಸಿ ಘೋಷಿಸಬೇಕು ಎಂಬ ಅಸಮಾಧಾನ ಹೊರಹಾಕಿಯವರು ಎಂದು ಹೇಳಿಕೆ ತಿಳಿಸಲಾಗಿದೆ.

ಅಂಗನವಾಡಿ ನೌಕರರ ಕೇಂದ್ರ ಸಮಿತಿಯ ಕರೆ ಮೇರೆಗೆ ತುಮಕೂರಿನಲ್ಲಿ ದಿನಾಂಕ; 14–11–2024 ರಂದು ಕಾರ್ಯಭಾರ ದಿನ; 15–11–2024 ರಂದು ಮನವಿ ಸಲ್ಲಿಕೆ ಚಳುವಳಿ ಸಂಘಟಿಸಲಾಗಿದೆ ಎಂದು ಸಂಘದ ಪ್ರಕಟಣೆ ತಿಳಿಸಿದೆ.

ಪ್ರಧಾನ ಮಂತ್ರಿಗಳು, ಮುಖ್ಯಮಂತ್ರಿಗಳು, ಕೇಂದ್ರ ಮಹಿಳಾ ಮತ್ತು ಮಕ್ಕಳ ಕಲ್ಯಾಣ ಇಲಾಖೆಯ ಸಚಿವರಿಗೆ ಮನವಿ ಸಲ್ಲಿಸಿ ಪತ್ರ ಆಧ್ಯಾತ್ಮದ ಜಿ. ಕಾಮಲ, ಪ್ರಧಾನ ಕಾರ್ಯದರ್ಶಿ ಉಲ್ಲಾಸ್ ರಾಜು, ಖಜಾಂಚಿ ಅಸಾಸಂಖ್ಯ ಅವರು ಪ್ರಕಟಣೆಯಲ್ಲಿ ತಿಳಿಸಿದ್ದಾರೆ.

ಕೇಂದ್ರ ರೈತ ಸಚಿವರಿಗೆ ಮನವಿ

ಕಾರ್ಯಾಧ್ಯಕ್ಷ ನಿವೃತ್ತಿ ಶರಣಪ್ಪ ಬಿರಾದಾರ್, ಖಜಾಂಚಿ ಕೆಂದ್ರ ದೃಷ್ಟಿ ಸಮಿತಿ – ಬೆಂಗಳೂರು ಸರ್ಕಾರದ ಡಿ.ಸೋಮಣ್ಣ ಅಧ್ಯಕ್ಷ ಅನಸೂಯ ಅವರು ಪ್ರಕಟಣೆಯಲ್ಲಿ ತಿಳಿಸಿದ್ದಾರೆ. ಸಮಾವೇಶವನ್ನು, ಮತದಾನವನ್ನು, ವಿನಯವನ್ನು, ಮತ್ತಿತರರು ಇದ್ದರು.
